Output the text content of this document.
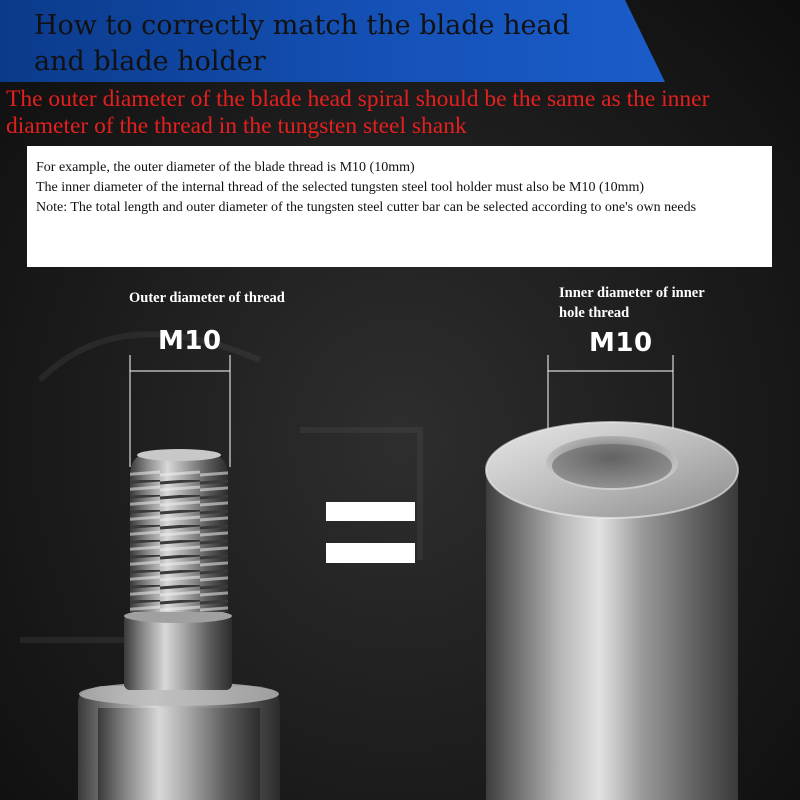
How to correctly match the blade head and blade holder
The outer diameter of the blade head spiral should be the same as the inner diameter of the thread in the tungsten steel shank
For example, the outer diameter of the blade thread is M10 (10mm)
The inner diameter of the internal thread of the selected tungsten steel tool holder must also be M10 (10mm)
Note: The total length and outer diameter of the tungsten steel cutter bar can be selected according to one's own needs
Outer diameter of thread
M10
Inner diameter of inner hole thread
M10
